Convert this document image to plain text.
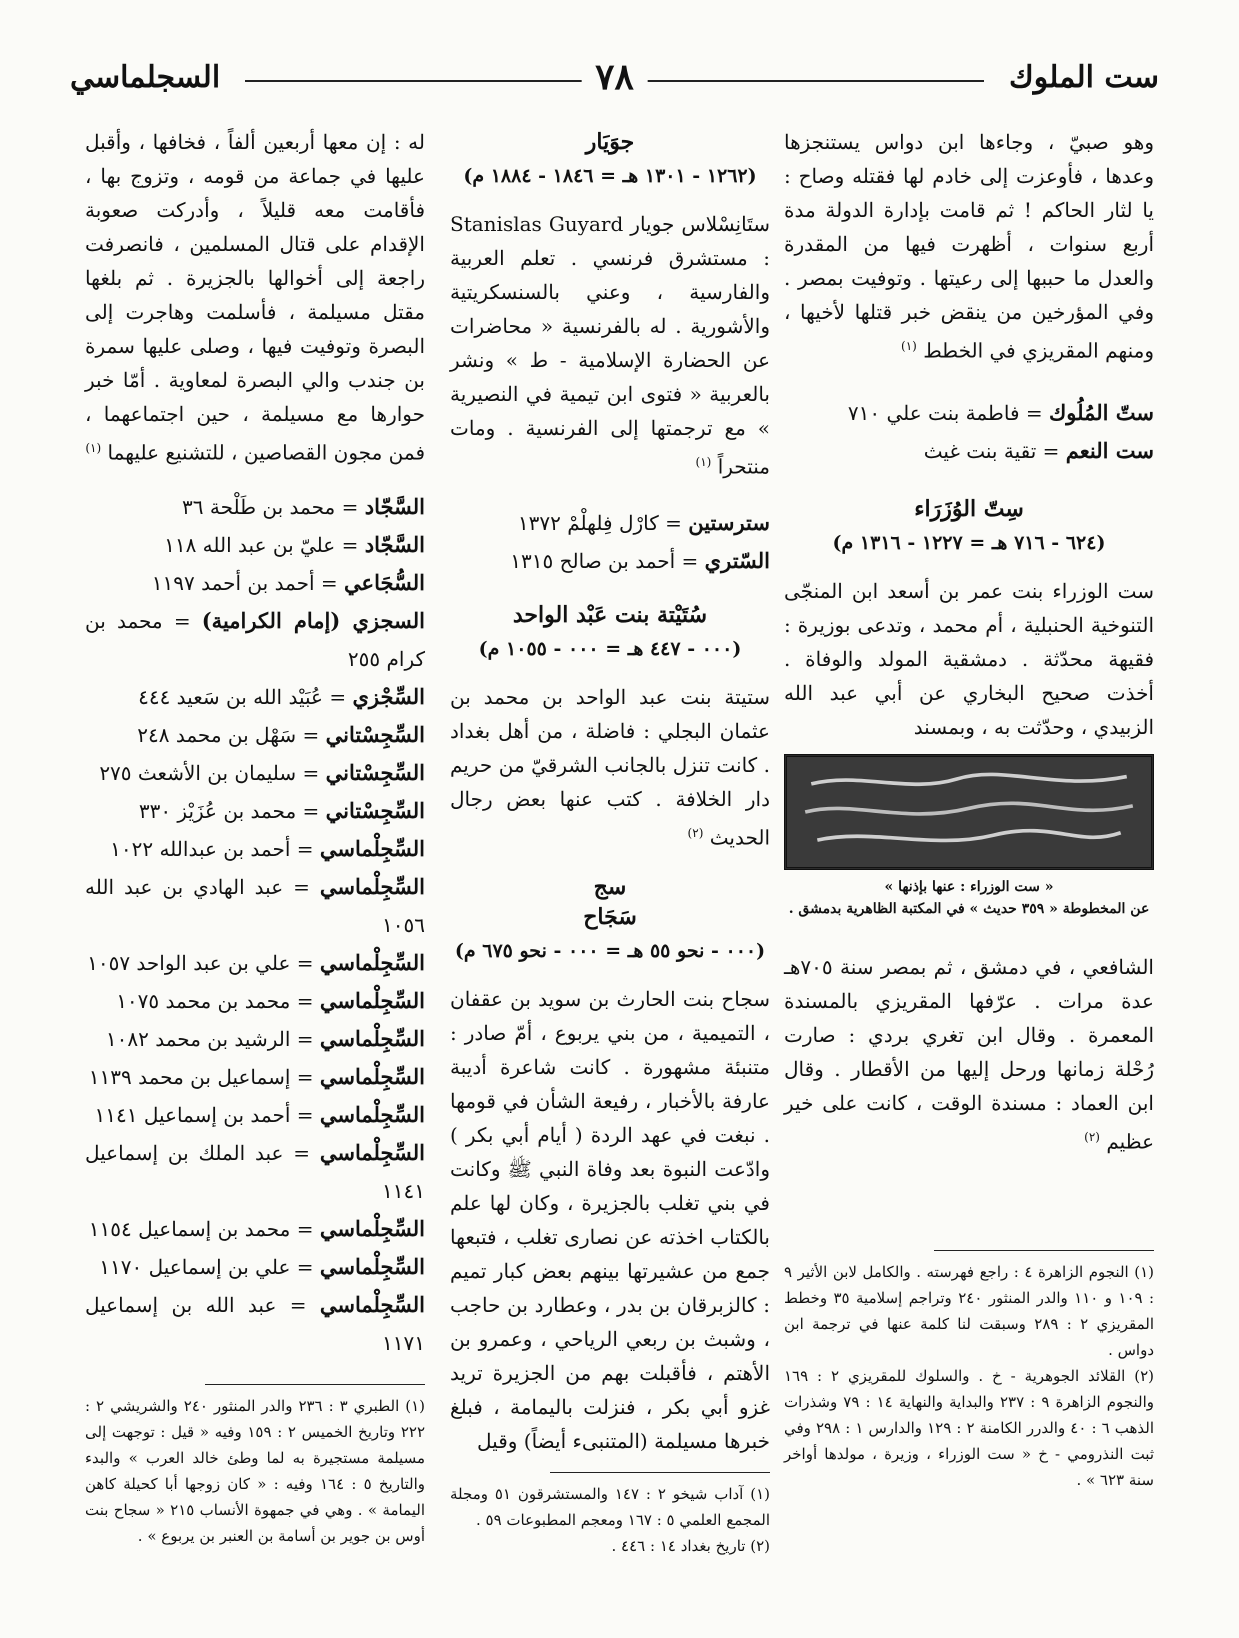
ست الملوك
٧٨
السجلماسي

وهو صبيّ ، وجاءها ابن دواس يستنجزها وعدها ، فأوعزت إلى خادم لها فقتله وصاح : يا لثار الحاكم ! ثم قامت بإدارة الدولة مدة أربع سنوات ، أظهرت فيها من المقدرة والعدل ما حببها إلى رعيتها . وتوفيت بمصر . وفي المؤرخين من ينقض خبر قتلها لأخيها ، ومنهم المقريزي في الخطط $^{(١)}$

ستّ المُلُوك = فاطمة بنت علي ٧١٠

ست النعم = تقية بنت غيث

سِتّ الوُزَرَاء
(٦٢٤ - ٧١٦ هـ = ١٢٢٧ - ١٣١٦ م)

ست الوزراء بنت عمر بن أسعد ابن المنجّى التنوخية الحنبلية ، أم محمد ، وتدعى بوزيرة : فقيهة محدّثة . دمشقية المولد والوفاة . أخذت صحيح البخاري عن أبي عبد الله الزبيدي ، وحدّثت به ، وبمسند

« ست الوزراء : عنها بإذنها »

عن المخطوطة « ٣٥٩ حديث » في المكتبة الظاهرية بدمشق .

الشافعي ، في دمشق ، ثم بمصر سنة ٧٠٥هـ عدة مرات . عرّفها المقريزي بالمسندة المعمرة . وقال ابن تغري بردي : صارت رُحْلة زمانها ورحل إليها من الأقطار . وقال ابن العماد : مسندة الوقت ، كانت على خير عظيم $^{(٢)}$

(١) النجوم الزاهرة ٤ : راجع فهرسته . والكامل لابن الأثير ٩ : ١٠٩ و ١١٠ والدر المنثور ٢٤٠ وتراجم إسلامية ٣٥ وخطط المقريزي ٢ : ٢٨٩ وسبقت لنا كلمة عنها في ترجمة ابن دواس .

(٢) القلائد الجوهرية - خ . والسلوك للمقريزي ٢ : ١٦٩ والنجوم الزاهرة ٩ : ٢٣٧ والبداية والنهاية ١٤ : ٧٩ وشذرات الذهب ٦ : ٤٠ والدرر الكامنة ٢ : ١٢٩ والدارس ١ : ٢٩٨ وفي ثبت النذرومي - خ « ست الوزراء ، وزيرة ، مولدها أواخر سنة ٦٢٣ » .

جوَيَار
(١٢٦٢ - ١٣٠١ هـ = ١٨٤٦ - ١٨٨٤ م)

ستَانِسْلاس جويار Stanislas Guyard : مستشرق فرنسي . تعلم العربية والفارسية ، وعني بالسنسكريتية والأشورية . له بالفرنسية « محاضرات عن الحضارة الإسلامية - ط » ونشر بالعربية « فتوى ابن تيمية في النصيرية » مع ترجمتها إلى الفرنسية . ومات منتحراً $^{(١)}$

سترستين = كارْل فِلهلْمْ ١٣٧٢

السّتري = أحمد بن صالح ١٣١٥

سُتَيْتة بنت عَبْد الواحد
(٠٠٠ - ٤٤٧ هـ = ٠٠٠ - ١٠٥٥ م)

ستيتة بنت عبد الواحد بن محمد بن عثمان البجلي : فاضلة ، من أهل بغداد . كانت تنزل بالجانب الشرقيّ من حريم دار الخلافة . كتب عنها بعض رجال الحديث $^{(٢)}$

سج
سَجَاح
(٠٠٠ - نحو ٥٥ هـ = ٠٠٠ - نحو ٦٧٥ م)

سجاح بنت الحارث بن سويد بن عقفان ، التميمية ، من بني يربوع ، أمّ صادر : متنبئة مشهورة . كانت شاعرة أديبة عارفة بالأخبار ، رفيعة الشأن في قومها . نبغت في عهد الردة ( أيام أبي بكر ) وادّعت النبوة بعد وفاة النبي ﷺ وكانت في بني تغلب بالجزيرة ، وكان لها علم بالكتاب اخذته عن نصارى تغلب ، فتبعها جمع من عشيرتها بينهم بعض كبار تميم : كالزبرقان بن بدر ، وعطارد بن حاجب ، وشبث بن ربعي الرياحي ، وعمرو بن الأهتم ، فأقبلت بهم من الجزيرة تريد غزو أبي بكر ، فنزلت باليمامة ، فبلغ خبرها مسيلمة (المتنبىء أيضاً) وقيل

(١) آداب شيخو ٢ : ١٤٧ والمستشرقون ٥١ ومجلة المجمع العلمي ٥ : ١٦٧ ومعجم المطبوعات ٥٩ .

(٢) تاريخ بغداد ١٤ : ٤٤٦ .

له : إن معها أربعين ألفاً ، فخافها ، وأقبل عليها في جماعة من قومه ، وتزوج بها ، فأقامت معه قليلاً ، وأدركت صعوبة الإقدام على قتال المسلمين ، فانصرفت راجعة إلى أخوالها بالجزيرة . ثم بلغها مقتل مسيلمة ، فأسلمت وهاجرت إلى البصرة وتوفيت فيها ، وصلى عليها سمرة بن جندب والي البصرة لمعاوية . أمّا خبر حوارها مع مسيلمة ، حين اجتماعهما ، فمن مجون القصاصين ، للتشنيع عليهما $^{(١)}$

السَّجّاد = محمد بن طَلْحة ٣٦

السَّجّاد = عليّ بن عبد الله ١١٨

السُّجَاعي = أحمد بن أحمد ١١٩٧

السجزي (إمام الكرامية) = محمد بن كرام ٢٥٥

السِّجْزي = عُبَيْد الله بن سَعيد ٤٤٤

السِّجِسْتاني = سَهْل بن محمد ٢٤٨

السِّجِسْتاني = سليمان بن الأشعث ٢٧٥

السِّجِسْتاني = محمد بن عُزَيْز ٣٣٠

السِّجِلْماسي = أحمد بن عبدالله ١٠٢٢

السِّجِلْماسي = عبد الهادي بن عبد الله ١٠٥٦

السِّجِلْماسي = علي بن عبد الواحد ١٠٥٧

السِّجِلْماسي = محمد بن محمد ١٠٧٥

السِّجِلْماسي = الرشيد بن محمد ١٠٨٢

السِّجِلْماسي = إسماعيل بن محمد ١١٣٩

السِّجِلْماسي = أحمد بن إسماعيل ١١٤١

السِّجِلْماسي = عبد الملك بن إسماعيل ١١٤١

السِّجِلْماسي = محمد بن إسماعيل ١١٥٤

السِّجِلْماسي = علي بن إسماعيل ١١٧٠

السِّجِلْماسي = عبد الله بن إسماعيل ١١٧١

(١) الطبري ٣ : ٢٣٦ والدر المنثور ٢٤٠ والشريشي ٢ : ٢٢٢ وتاريخ الخميس ٢ : ١٥٩ وفيه « قيل : توجهت إلى مسيلمة مستجيرة به لما وطئ خالد العرب » والبدء والتاريخ ٥ : ١٦٤ وفيه : « كان زوجها أبا كحيلة كاهن اليمامة » . وهي في جمهوة الأنساب ٢١٥ « سجاح بنت أوس بن جوير بن أسامة بن العنبر بن يربوع » .
